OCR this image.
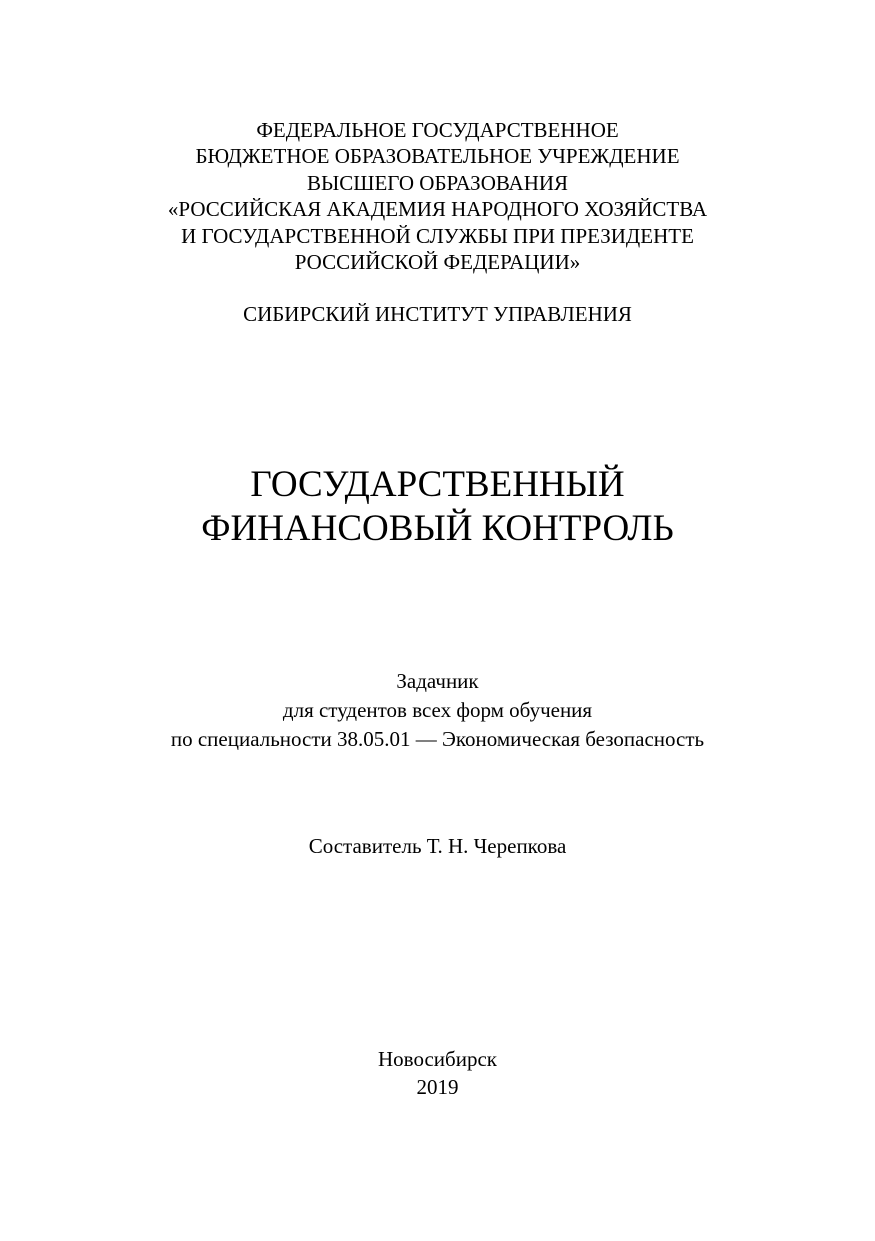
ФЕДЕРАЛЬНОЕ ГОСУДАРСТВЕННОЕ
БЮДЖЕТНОЕ ОБРАЗОВАТЕЛЬНОЕ УЧРЕЖДЕНИЕ
ВЫСШЕГО ОБРАЗОВАНИЯ
«РОССИЙСКАЯ АКАДЕМИЯ НАРОДНОГО ХОЗЯЙСТВА
И ГОСУДАРСТВЕННОЙ СЛУЖБЫ ПРИ ПРЕЗИДЕНТЕ
РОССИЙСКОЙ ФЕДЕРАЦИИ»
СИБИРСКИЙ ИНСТИТУТ УПРАВЛЕНИЯ
ГОСУДАРСТВЕННЫЙ
ФИНАНСОВЫЙ КОНТРОЛЬ
Задачник
для студентов всех форм обучения
по специальности 38.05.01 — Экономическая безопасность
Составитель Т. Н. Черепкова
Новосибирск
2019
